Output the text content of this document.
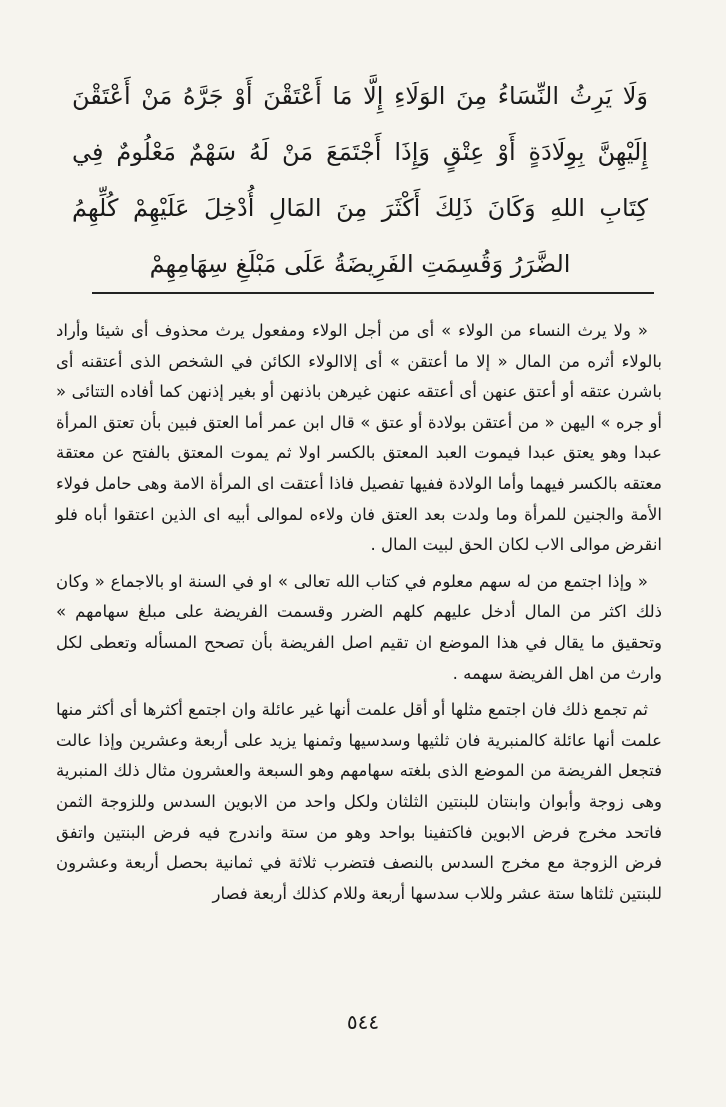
وَلَا يَرِثُ النِّسَاءُ مِنَ الوَلَاءِ إِلَّا مَا أَعْتَقْنَ أَوْ جَرَّهُ مَنْ أَعْتَقْنَ إِلَيْهِنَّ بِوِلَادَةٍ أَوْ عِتْقٍ وَإِذَا أَجْتَمَعَ مَنْ لَهُ سَهْمٌ مَعْلُومٌ فِي كِتَابِ اللهِ وَكَانَ ذَلِكَ أَكْثَرَ مِنَ المَالِ أُدْخِلَ عَلَيْهِمْ كُلِّهِمُ الضَّرَرُ وَقُسِمَتِ الفَرِيضَةُ عَلَى مَبْلَغِ سِهَامِهِمْ

« ولا يرث النساء من الولاء » أى من أجل الولاء ومفعول يرث محذوف أى شيئا وأراد بالولاء أثره من المال « إلا ما أعتقن » أى إلاالولاء الكائن في الشخص الذى أعتقنه أى باشرن عتقه أو أعتق عنهن أى أعتقه عنهن غيرهن باذنهن أو بغير إذنهن كما أفاده التتائى « أو جره » اليهن « من أعتقن بولادة أو عتق » قال ابن عمر أما العتق فبين بأن تعتق المرأة عبدا وهو يعتق عبدا فيموت العبد المعتق بالكسر اولا ثم يموت المعتق بالفتح عن معتقة معتقه بالكسر فيهما وأما الولادة ففيها تفصيل فاذا أعتقت اى المرأة الامة وهى حامل فولاء الأمة والجنين للمرأة وما ولدت بعد العتق فان ولاءه لموالى أبيه اى الذين اعتقوا أباه فلو انقرض موالى الاب لكان الحق لبيت المال .

« وإذا اجتمع من له سهم معلوم في كتاب الله تعالى » او في السنة او بالاجماع « وكان ذلك اكثر من المال أدخل عليهم كلهم الضرر وقسمت الفريضة على مبلغ سهامهم » وتحقيق ما يقال في هذا الموضع ان تقيم اصل الفريضة بأن تصحح المسأله وتعطى لكل وارث من اهل الفريضة سهمه .

ثم تجمع ذلك فان اجتمع مثلها أو أقل علمت أنها غير عائلة وان اجتمع أكثرها أى أكثر منها علمت أنها عائلة كالمنبرية فان ثلثيها وسدسيها وثمنها يزيد على أربعة وعشرين وإذا عالت فتجعل الفريضة من الموضع الذى بلغته سهامهم وهو السبعة والعشرون مثال ذلك المنبرية وهى زوجة وأبوان وابنتان للبنتين الثلثان ولكل واحد من الابوين السدس وللزوجة الثمن فاتحد مخرج فرض الابوين فاكتفينا بواحد وهو من ستة واندرج فيه فرض البنتين واتفق فرض الزوجة مع مخرج السدس بالنصف فتضرب ثلاثة في ثمانية بحصل أربعة وعشرون للبنتين ثلثاها ستة عشر وللاب سدسها أربعة وللام كذلك أربعة فصار

٥٤٤
